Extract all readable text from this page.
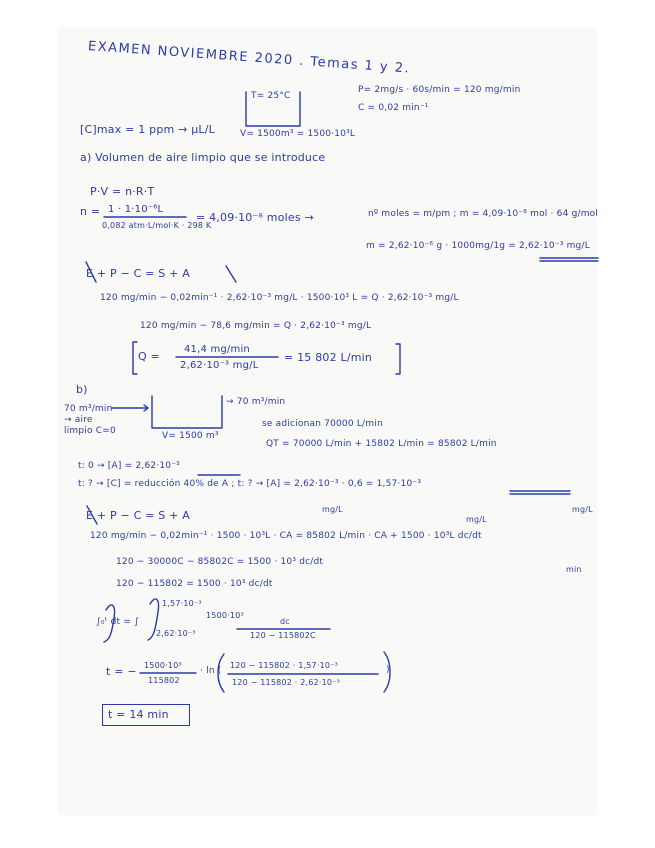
EXAMEN NOVIEMBRE 2020 . Temas 1 y 2.
T= 25°C
P= 2mg/s · 60s/min = 120 mg/min
C = 0,02 min⁻¹
[C]max = 1 ppm → μL/L	V= 1500m³ = 1500·10³L
a) Volumen de aire limpio que se introduce
P·V = n·R·T
n = 1 · 1·10⁻⁶L
0,082 atm·L/mol·K · 298 K
= 4,09·10⁻⁸ moles →	nº moles = m/pm ; m = 4,09·10⁻⁸ mol · 64 g/mol
m = 2,62·10⁻⁶ g · 1000mg/1g = 2,62·10⁻³ mg/L
E + P − C = S + A
120 mg/min − 0,02min⁻¹ · 2,62·10⁻³ mg/L · 1500·10³ L = Q · 2,62·10⁻³ mg/L
120 mg/min − 78,6 mg/min = Q · 2,62·10⁻³ mg/L
Q =
41,4 mg/min
2,62·10⁻³ mg/L
= 15 802 L/min
b)
70 m³/min → aire limpio C=0
→ 70 m³/min
V= 1500 m³
se adicionan 70000 L/min
QT = 70000 L/min + 15802 L/min = 85802 L/min
t: 0 → [A] = 2,62·10⁻³
t: ? → [C] = reducción 40% de A ; t: ? → [A] = 2,62·10⁻³ · 0,6 = 1,57·10⁻³
E + P − C = S + A	mg/L
mg/L
mg/L
120 mg/min − 0,02min⁻¹ · 1500 · 10³L · CA = 85802 L/min · CA + 1500 · 10³L dc/dt
min
120 − 30000C − 85802C = 1500 · 10³ dc/dt
120 − 115802 = 1500 · 10³ dc/dt
∫₀ᵗ dt = ∫
1,57·10⁻³
2,62·10⁻³
1500·10³
dc
120 − 115802C
t = − 1500·10³
115802
· ln (
120 − 115802 · 1,57·10⁻³
120 − 115802 · 2,62·10⁻³
)
t = 14 min
